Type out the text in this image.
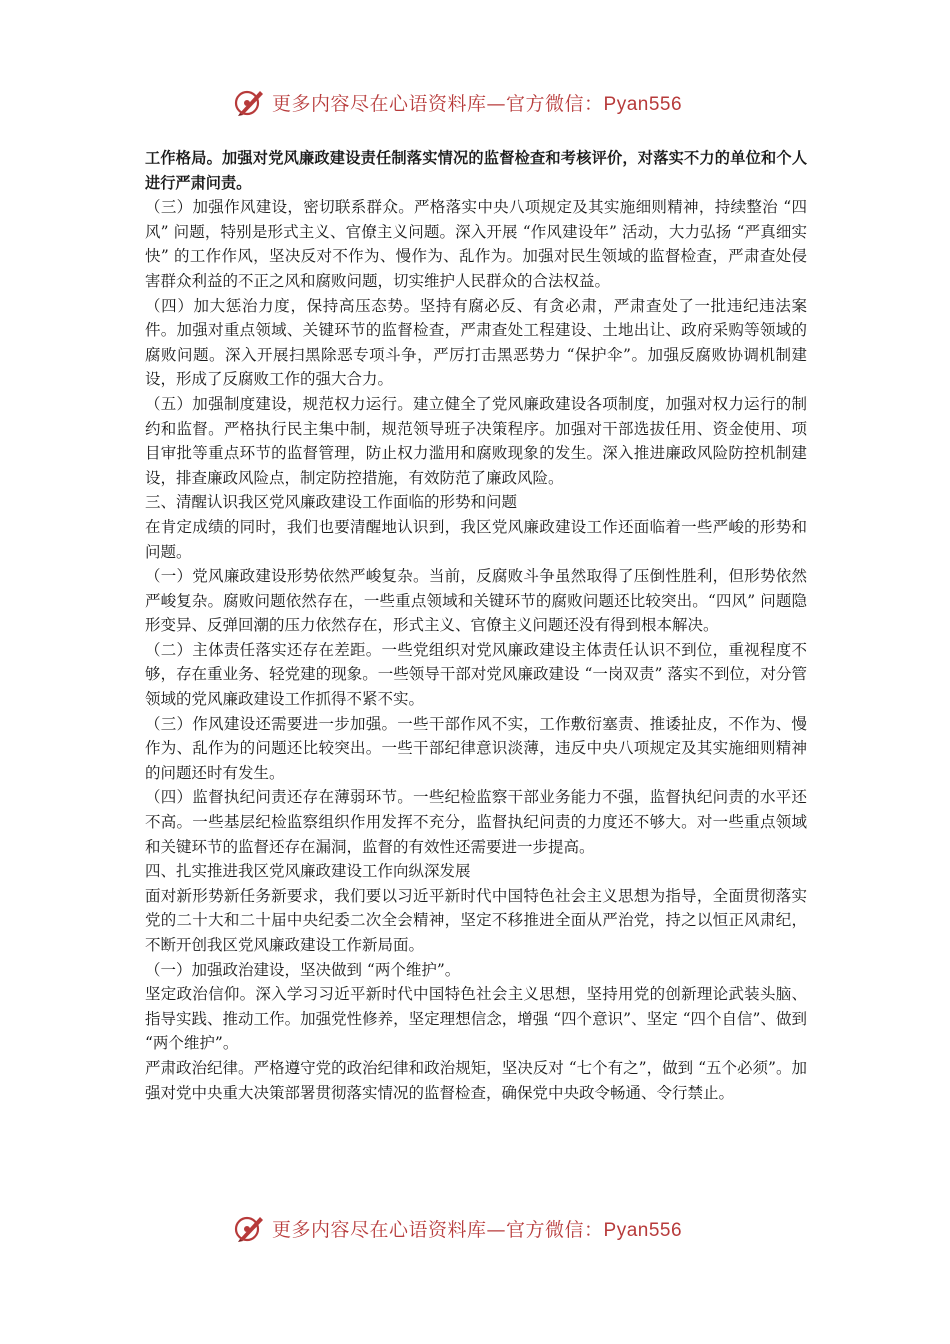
更多内容尽在心语资料库—官方微信：Pyan556

工作格局。加强对党风廉政建设责任制落实情况的监督检查和考核评价，对落实不力的单位和个人进行严肃问责。

（三）加强作风建设，密切联系群众。严格落实中央八项规定及其实施细则精神，持续整治 “四风” 问题，特别是形式主义、官僚主义问题。深入开展 “作风建设年” 活动，大力弘扬 “严真细实快” 的工作作风，坚决反对不作为、慢作为、乱作为。加强对民生领域的监督检查，严肃查处侵害群众利益的不正之风和腐败问题，切实维护人民群众的合法权益。

（四）加大惩治力度，保持高压态势。坚持有腐必反、有贪必肃，严肃查处了一批违纪违法案件。加强对重点领域、关键环节的监督检查，严肃查处工程建设、土地出让、政府采购等领域的腐败问题。深入开展扫黑除恶专项斗争，严厉打击黑恶势力 “保护伞”。加强反腐败协调机制建设，形成了反腐败工作的强大合力。

（五）加强制度建设，规范权力运行。建立健全了党风廉政建设各项制度，加强对权力运行的制约和监督。严格执行民主集中制，规范领导班子决策程序。加强对干部选拔任用、资金使用、项目审批等重点环节的监督管理，防止权力滥用和腐败现象的发生。深入推进廉政风险防控机制建设，排查廉政风险点，制定防控措施，有效防范了廉政风险。

三、清醒认识我区党风廉政建设工作面临的形势和问题

在肯定成绩的同时，我们也要清醒地认识到，我区党风廉政建设工作还面临着一些严峻的形势和问题。

（一）党风廉政建设形势依然严峻复杂。当前，反腐败斗争虽然取得了压倒性胜利，但形势依然严峻复杂。腐败问题依然存在，一些重点领域和关键环节的腐败问题还比较突出。“四风” 问题隐形变异、反弹回潮的压力依然存在，形式主义、官僚主义问题还没有得到根本解决。

（二）主体责任落实还存在差距。一些党组织对党风廉政建设主体责任认识不到位，重视程度不够，存在重业务、轻党建的现象。一些领导干部对党风廉政建设 “一岗双责” 落实不到位，对分管领域的党风廉政建设工作抓得不紧不实。

（三）作风建设还需要进一步加强。一些干部作风不实，工作敷衍塞责、推诿扯皮，不作为、慢作为、乱作为的问题还比较突出。一些干部纪律意识淡薄，违反中央八项规定及其实施细则精神的问题还时有发生。

（四）监督执纪问责还存在薄弱环节。一些纪检监察干部业务能力不强，监督执纪问责的水平还不高。一些基层纪检监察组织作用发挥不充分，监督执纪问责的力度还不够大。对一些重点领域和关键环节的监督还存在漏洞，监督的有效性还需要进一步提高。

四、扎实推进我区党风廉政建设工作向纵深发展

面对新形势新任务新要求，我们要以习近平新时代中国特色社会主义思想为指导，全面贯彻落实党的二十大和二十届中央纪委二次全会精神，坚定不移推进全面从严治党，持之以恒正风肃纪，不断开创我区党风廉政建设工作新局面。

（一）加强政治建设，坚决做到 “两个维护”。

坚定政治信仰。深入学习习近平新时代中国特色社会主义思想，坚持用党的创新理论武装头脑、指导实践、推动工作。加强党性修养，坚定理想信念，增强 “四个意识”、坚定 “四个自信”、做到 “两个维护”。

严肃政治纪律。严格遵守党的政治纪律和政治规矩，坚决反对 “七个有之”，做到 “五个必须”。加强对党中央重大决策部署贯彻落实情况的监督检查，确保党中央政令畅通、令行禁止。

更多内容尽在心语资料库—官方微信：Pyan556
